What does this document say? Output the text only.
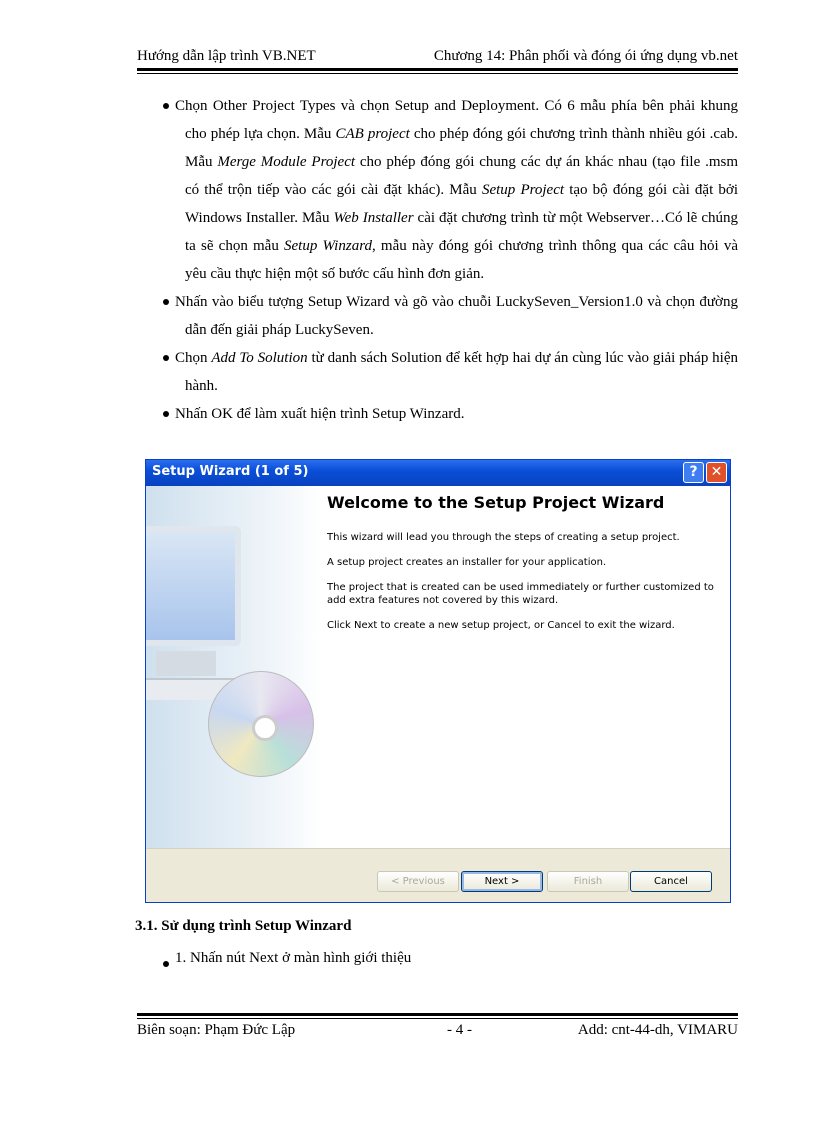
Hướng dẫn lập trình VB.NET	Chương 14: Phân phối và đóng ói ứng dụng vb.net
Chọn Other Project Types và chọn Setup and Deployment. Có 6 mẫu phía bên phải khung cho phép lựa chọn. Mẫu CAB project cho phép đóng gói chương trình thành nhiều gói .cab. Mẫu Merge Module Project cho phép đóng gói chung các dự án khác nhau (tạo file .msm có thể trộn tiếp vào các gói cài đặt khác). Mẫu Setup Project tạo bộ đóng gói cài đặt bởi Windows Installer. Mẫu Web Installer cài đặt chương trình từ một Webserver…Có lẽ chúng ta sẽ chọn mẫu Setup Winzard, mẫu này đóng gói chương trình thông qua các câu hỏi và yêu cầu thực hiện một số bước cấu hình đơn giản.
Nhấn vào biểu tượng Setup Wizard và gõ vào chuỗi LuckySeven_Version1.0 và chọn đường dẫn đến giải pháp LuckySeven.
Chọn Add To Solution từ danh sách Solution để kết hợp hai dự án cùng lúc vào giải pháp hiện hành.
Nhấn OK để làm xuất hiện trình Setup Winzard.
Setup Wizard (1 of 5)	? ✕
Welcome to the Setup Project Wizard

This wizard will lead you through the steps of creating a setup project.

A setup project creates an installer for your application.

The project that is created can be used immediately or further customized to add extra features not covered by this wizard.

Click Next to create a new setup project, or Cancel to exit the wizard.

< Previous	Next >	Finish	Cancel
3.1. Sử dụng trình Setup Winzard
1. Nhấn nút Next ở màn hình giới thiệu
Biên soạn: Phạm Đức Lập	- 4 -	Add: cnt-44-dh, VIMARU
